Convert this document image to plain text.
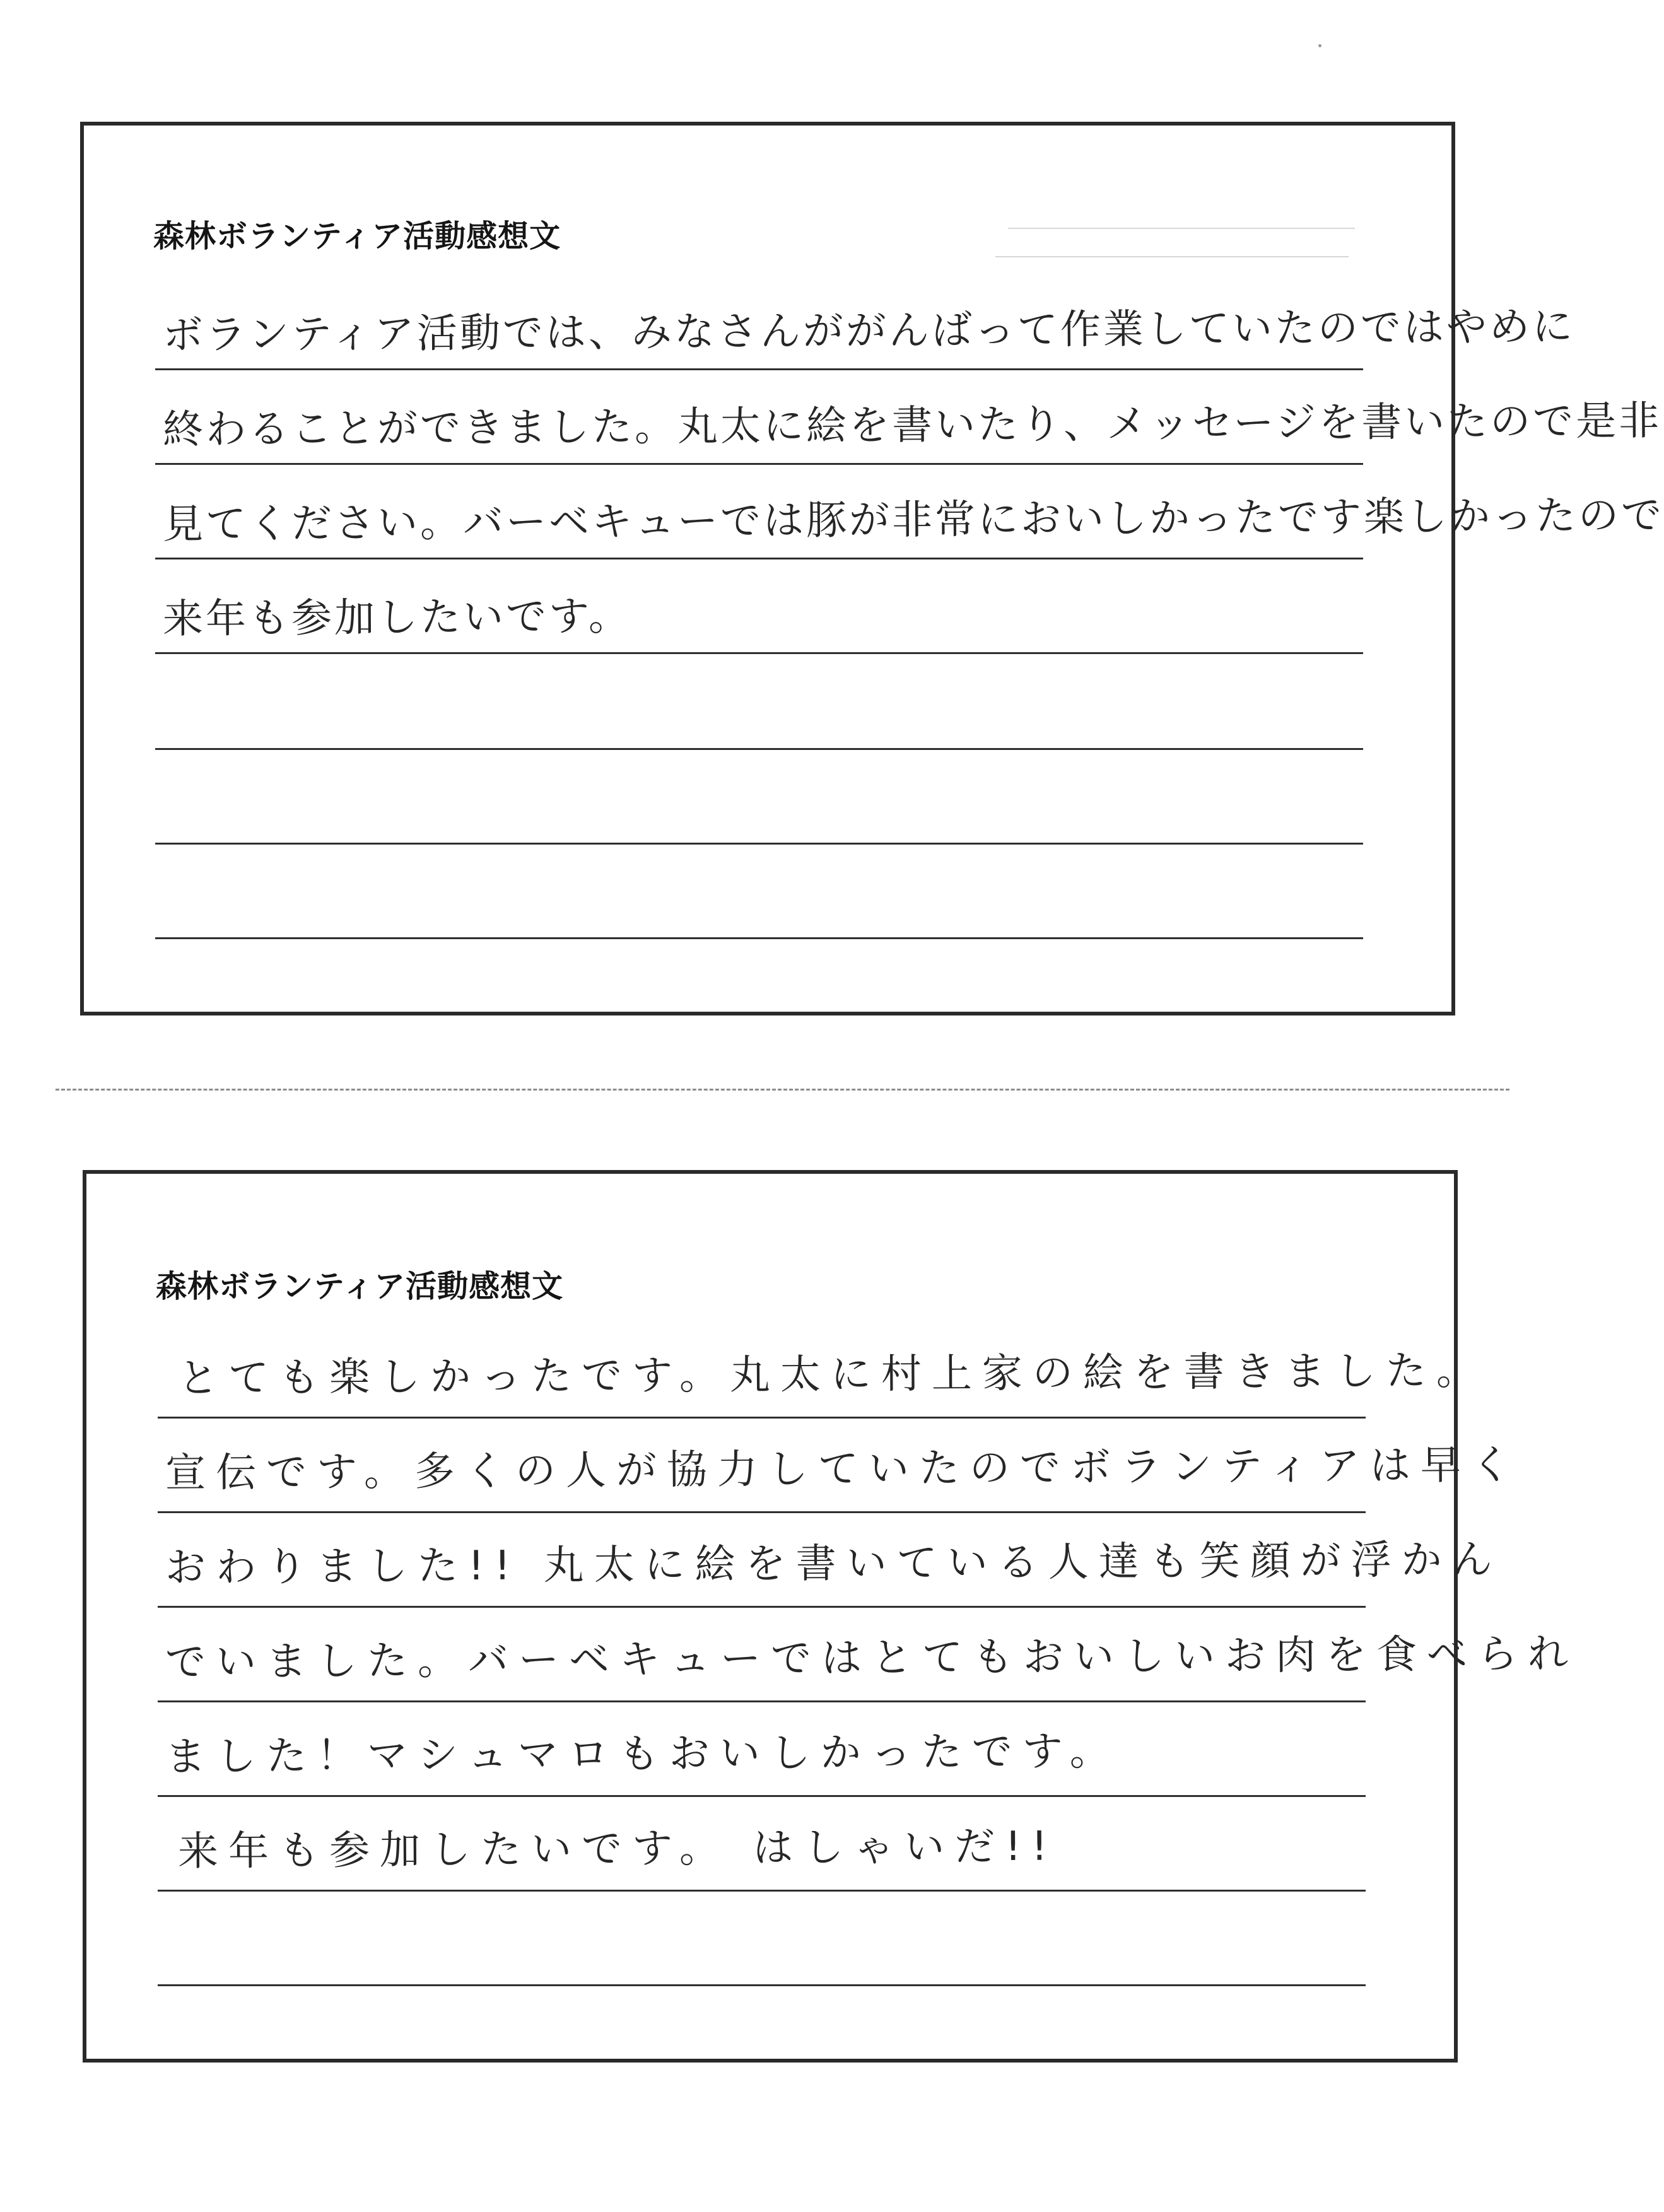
森林ボランティア活動感想文
ボランティア活動では、みなさんががんばって作業していたのではやめに
終わることができました。丸太に絵を書いたり、メッセージを書いたので是非
見てください。バーベキューでは豚が非常においしかったです楽しかったので
来年も参加したいです。
森林ボランティア活動感想文
とても楽しかったです。丸太に村上家の絵を書きました。
宣伝です。多くの人が協力していたのでボランティアは早く
おわりました!! 丸太に絵を書いている人達も笑顔が浮かん
でいました。バーベキューではとてもおいしいお肉を食べられ
ました！マシュマロもおいしかったです。
来年も参加したいです。 はしゃいだ!!
